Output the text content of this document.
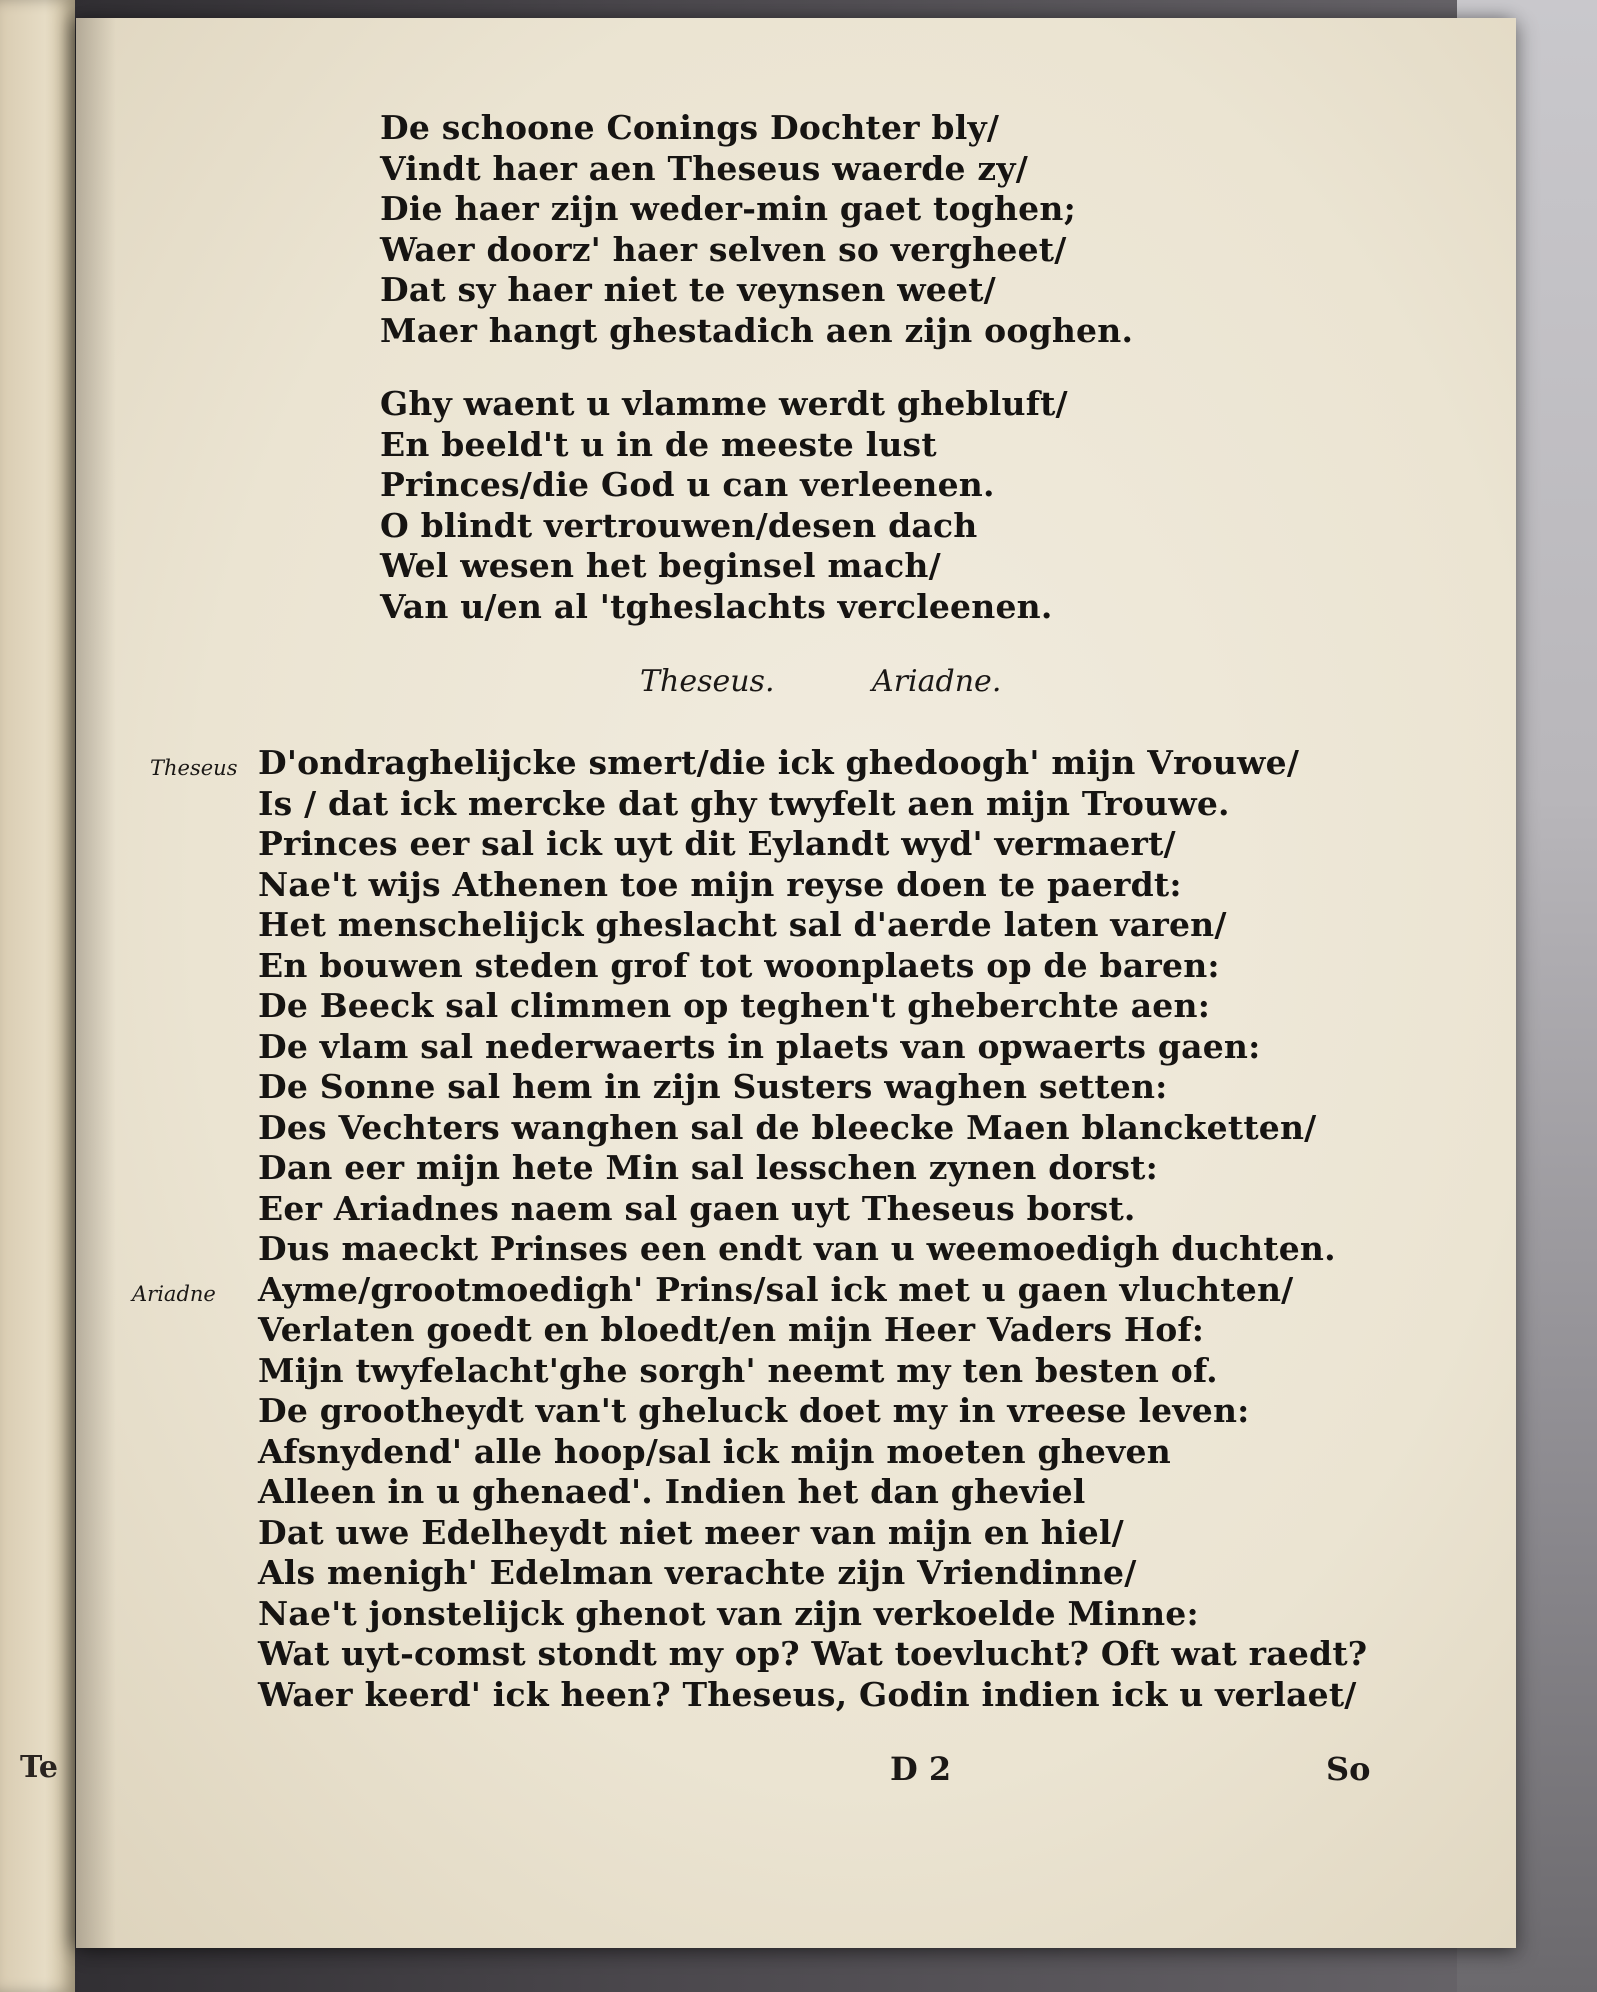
Te
De schoone Conings Dochter bly/
Vindt haer aen Theseus waerde zy/
Die haer zijn weder-min gaet toghen;
Waer doorz' haer selven so vergheet/
Dat sy haer niet te veynsen weet/
Maer hangt ghestadich aen zijn ooghen.
Ghy waent u vlamme werdt ghebluft/
En beeld't u in de meeste lust
Princes/die God u can verleenen.
O blindt vertrouwen/desen dach
Wel wesen het beginsel mach/
Van u/en al 'tgheslachts vercleenen.
Theseus.	Ariadne.
Theseus
Ariadne
D'ondraghelijcke smert/die ick ghedoogh' mijn Vrouwe/
Is / dat ick mercke dat ghy twyfelt aen mijn Trouwe.
Princes eer sal ick uyt dit Eylandt wyd' vermaert/
Nae't wijs Athenen toe mijn reyse doen te paerdt:
Het menschelijck gheslacht sal d'aerde laten varen/
En bouwen steden grof tot woonplaets op de baren:
De Beeck sal climmen op teghen't gheberchte aen:
De vlam sal nederwaerts in plaets van opwaerts gaen:
De Sonne sal hem in zijn Susters waghen setten:
Des Vechters wanghen sal de bleecke Maen blancketten/
Dan eer mijn hete Min sal lesschen zynen dorst:
Eer Ariadnes naem sal gaen uyt Theseus borst.
Dus maeckt Prinses een endt van u weemoedigh duchten.
Ayme/grootmoedigh' Prins/sal ick met u gaen vluchten/
Verlaten goedt en bloedt/en mijn Heer Vaders Hof:
Mijn twyfelacht'ghe sorgh' neemt my ten besten of.
De grootheydt van't gheluck doet my in vreese leven:
Afsnydend' alle hoop/sal ick mijn moeten gheven
Alleen in u ghenaed'. Indien het dan gheviel
Dat uwe Edelheydt niet meer van mijn en hiel/
Als menigh' Edelman verachte zijn Vriendinne/
Nae't jonstelijck ghenot van zijn verkoelde Minne:
Wat uyt-comst stondt my op? Wat toevlucht? Oft wat raedt?
Waer keerd' ick heen? Theseus, Godin indien ick u verlaet/
D 2	So
